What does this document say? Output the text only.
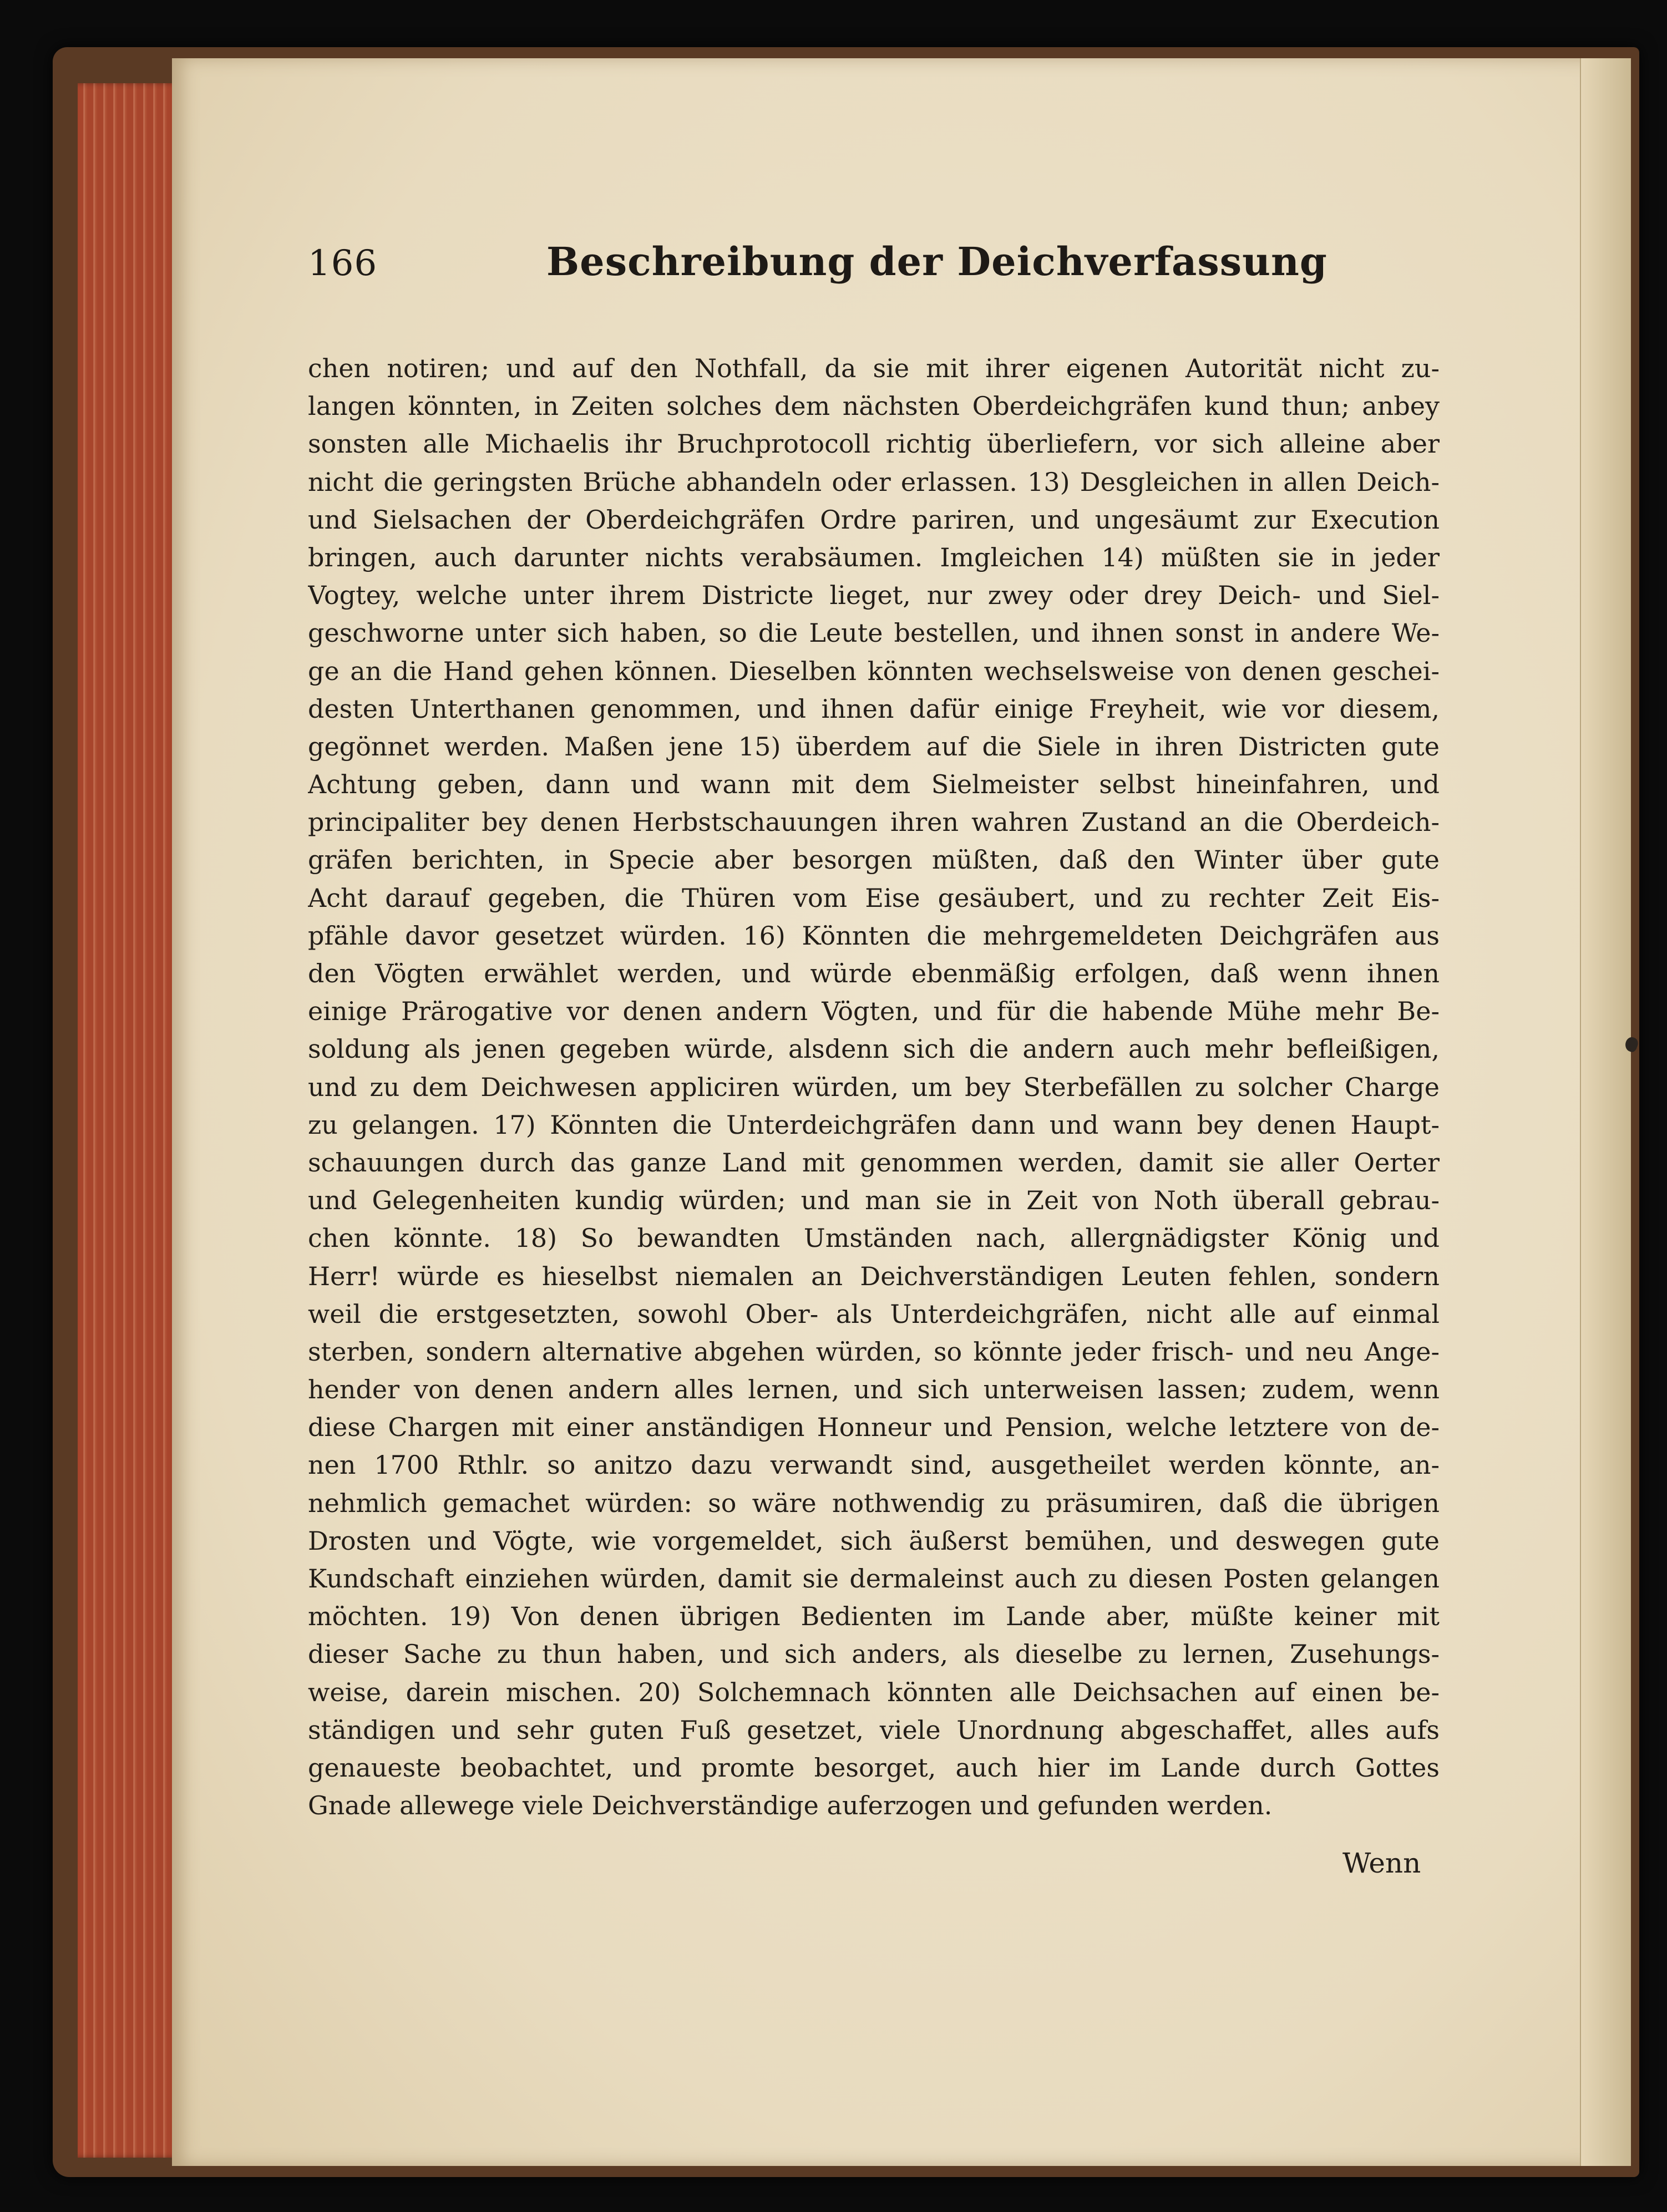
166	Beschreibung der Deichverfassung
chen notiren; und auf den Nothfall, da sie mit ihrer eigenen Autorität nicht zu-
langen könnten, in Zeiten solches dem nächsten Oberdeichgräfen kund thun; anbey
sonsten alle Michaelis ihr Bruchprotocoll richtig überliefern, vor sich alleine aber
nicht die geringsten Brüche abhandeln oder erlassen. 13) Desgleichen in allen Deich-
und Sielsachen der Oberdeichgräfen Ordre pariren, und ungesäumt zur Execution
bringen, auch darunter nichts verabsäumen. Imgleichen 14) müßten sie in jeder
Vogtey, welche unter ihrem Districte lieget, nur zwey oder drey Deich- und Siel-
geschworne unter sich haben, so die Leute bestellen, und ihnen sonst in andere We-
ge an die Hand gehen können. Dieselben könnten wechselsweise von denen geschei-
desten Unterthanen genommen, und ihnen dafür einige Freyheit, wie vor diesem,
gegönnet werden. Maßen jene 15) überdem auf die Siele in ihren Districten gute
Achtung geben, dann und wann mit dem Sielmeister selbst hineinfahren, und
principaliter bey denen Herbstschauungen ihren wahren Zustand an die Oberdeich-
gräfen berichten, in Specie aber besorgen müßten, daß den Winter über gute
Acht darauf gegeben, die Thüren vom Eise gesäubert, und zu rechter Zeit Eis-
pfähle davor gesetzet würden. 16) Könnten die mehrgemeldeten Deichgräfen aus
den Vögten erwählet werden, und würde ebenmäßig erfolgen, daß wenn ihnen
einige Prärogative vor denen andern Vögten, und für die habende Mühe mehr Be-
soldung als jenen gegeben würde, alsdenn sich die andern auch mehr befleißigen,
und zu dem Deichwesen appliciren würden, um bey Sterbefällen zu solcher Charge
zu gelangen. 17) Könnten die Unterdeichgräfen dann und wann bey denen Haupt-
schauungen durch das ganze Land mit genommen werden, damit sie aller Oerter
und Gelegenheiten kundig würden; und man sie in Zeit von Noth überall gebrau-
chen könnte. 18) So bewandten Umständen nach, allergnädigster König und
Herr! würde es hieselbst niemalen an Deichverständigen Leuten fehlen, sondern
weil die erstgesetzten, sowohl Ober- als Unterdeichgräfen, nicht alle auf einmal
sterben, sondern alternative abgehen würden, so könnte jeder frisch- und neu Ange-
hender von denen andern alles lernen, und sich unterweisen lassen; zudem, wenn
diese Chargen mit einer anständigen Honneur und Pension, welche letztere von de-
nen 1700 Rthlr. so anitzo dazu verwandt sind, ausgetheilet werden könnte, an-
nehmlich gemachet würden: so wäre nothwendig zu präsumiren, daß die übrigen
Drosten und Vögte, wie vorgemeldet, sich äußerst bemühen, und deswegen gute
Kundschaft einziehen würden, damit sie dermaleinst auch zu diesen Posten gelangen
möchten. 19) Von denen übrigen Bedienten im Lande aber, müßte keiner mit
dieser Sache zu thun haben, und sich anders, als dieselbe zu lernen, Zusehungs-
weise, darein mischen. 20) Solchemnach könnten alle Deichsachen auf einen be-
ständigen und sehr guten Fuß gesetzet, viele Unordnung abgeschaffet, alles aufs
genaueste beobachtet, und promte besorget, auch hier im Lande durch Gottes
Gnade allewege viele Deichverständige auferzogen und gefunden werden.
Wenn
